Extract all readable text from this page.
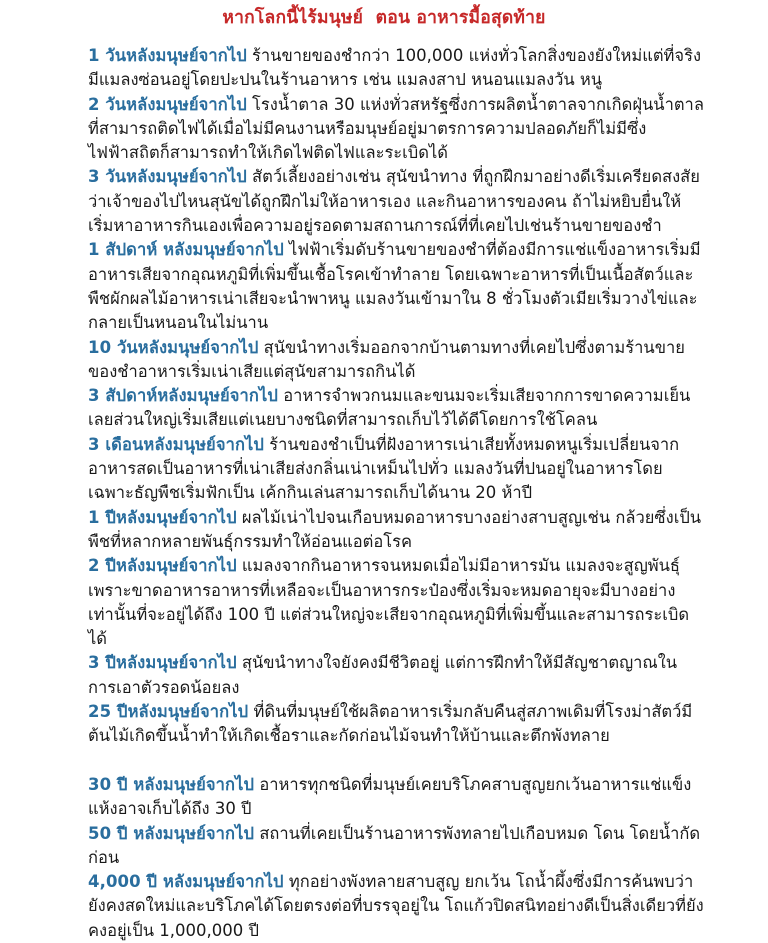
หากโลกนี้ไร้มนุษย์  ตอน อาหารมื้อสุดท้าย

1 วันหลังมนุษย์จากไป ร้านขายของชำกว่า 100,000 แห่งทั่วโลกสิ่งของยังใหม่แต่ที่จริงมีแมลงซ่อนอยู่โดยปะปนในร้านอาหาร เช่น แมลงสาป หนอนแมลงวัน หนู

2 วันหลังมนุษย์จากไป โรงน้ำตาล 30 แห่งทั่วสหรัฐซึ่งการผลิตน้ำตาลจากเกิดฝุ่นน้ำตาลที่สามารถติดไฟได้เมื่อไม่มีคนงานหรือมนุษย์อยู่มาตรการความปลอดภัยก็ไม่มีซึ่งไฟฟ้าสถิตก็สามารถทำให้เกิดไฟติดไฟและระเบิดได้

3 วันหลังมนุษย์จากไป สัตว์เลี้ยงอย่างเช่น สุนัขนำทาง ที่ถูกฝึกมาอย่างดีเริ่มเครียดสงสัยว่าเจ้าของไปไหนสุนัขได้ถูกฝึกไม่ให้อาหารเอง และกินอาหารของคน ถ้าไม่หยิบยื่นให้ เริ่มหาอาหารกินเองเพื่อความอยู่รอดตามสถานการณ์ที่ที่เคยไปเช่นร้านขายของชำ

1 สัปดาห์ หลังมนุษย์จากไป ไฟฟ้าเริ่มดับร้านขายของชำที่ต้องมีการแช่แข็งอาหารเริ่มมีอาหารเสียจากอุณหภูมิที่เพิ่มขึ้นเชื้อโรคเข้าทำลาย โดยเฉพาะอาหารที่เป็นเนื้อสัตว์และพืชผักผลไม้อาหารเน่าเสียจะนำพาหนู แมลงวันเข้ามาใน 8 ชั่วโมงตัวเมียเริ่มวางไข่และกลายเป็นหนอนในไม่นาน

10 วันหลังมนุษย์จากไป สุนัขนำทางเริ่มออกจากบ้านตามทางที่เคยไปซึ่งตามร้านขายของชำอาหารเริ่มเน่าเสียแต่สุนัขสามารถกินได้

3 สัปดาห์หลังมนุษย์จากไป อาหารจำพวกนมและขนมจะเริ่มเสียจากการขาดความเย็นเลยส่วนใหญ่เริ่มเสียแต่เนยบางชนิดที่สามารถเก็บไว้ได้ดีโดยการใช้โคลน

3 เดือนหลังมนุษย์จากไป ร้านของชำเป็นที่ฝังอาหารเน่าเสียทั้งหมดหนูเริ่มเปลี่ยนจากอาหารสดเป็นอาหารที่เน่าเสียส่งกลิ่นเน่าเหม็นไปทั่ว แมลงวันที่ปนอยู่ในอาหารโดยเฉพาะธัญพืชเริ่มฟักเป็น เค้กกินเล่นสามารถเก็บได้นาน 20 ห้าปี

1 ปีหลังมนุษย์จากไป ผลไม้เน่าไปจนเกือบหมดอาหารบางอย่างสาบสูญเช่น กล้วยซึ่งเป็นพืชที่หลากหลายพันธุ์กรรมทำให้อ่อนแอต่อโรค

2 ปีหลังมนุษย์จากไป แมลงจากกินอาหารจนหมดเมื่อไม่มีอาหารมัน แมลงจะสูญพันธุ์เพราะขาดอาหารอาหารที่เหลือจะเป็นอาหารกระป๋องซึ่งเริ่มจะหมดอายุจะมีบางอย่างเท่านั้นที่จะอยู่ได้ถึง 100 ปี แต่ส่วนใหญ่จะเสียจากอุณหภูมิที่เพิ่มขึ้นและสามารถระเบิดได้

3 ปีหลังมนุษย์จากไป สุนัขนำทางใจยังคงมีชีวิตอยู่ แต่การฝึกทำให้มีสัญชาตญาณในการเอาตัวรอดน้อยลง

25 ปีหลังมนุษย์จากไป ที่ดินที่มนุษย์ใช้ผลิตอาหารเริ่มกลับคืนสู่สภาพเดิมที่โรงม่าสัตว์มีต้นไม้เกิดขึ้นน้ำทำให้เกิดเชื้อราและกัดก่อนไม้จนทำให้บ้านและตึกพังทลาย

30 ปี หลังมนุษย์จากไป อาหารทุกชนิดที่มนุษย์เคยบริโภคสาบสูญยกเว้นอาหารแช่แข็งแห้งอาจเก็บได้ถึง 30 ปี

50 ปี หลังมนุษย์จากไป สถานที่เคยเป็นร้านอาหารพังทลายไปเกือบหมด โดน โดยน้ำกัดก่อน

4,000 ปี หลังมนุษย์จากไป ทุกอย่างพังทลายสาบสูญ ยกเว้น โถน้ำผึ้งซึ่งมีการค้นพบว่ายังคงสดใหม่และบริโภคได้โดยตรงต่อที่บรรจุอยู่ใน โถแก้วปิดสนิทอย่างดีเป็นสิ่งเดียวที่ยังคงอยู่เป็น 1,000,000 ปี
